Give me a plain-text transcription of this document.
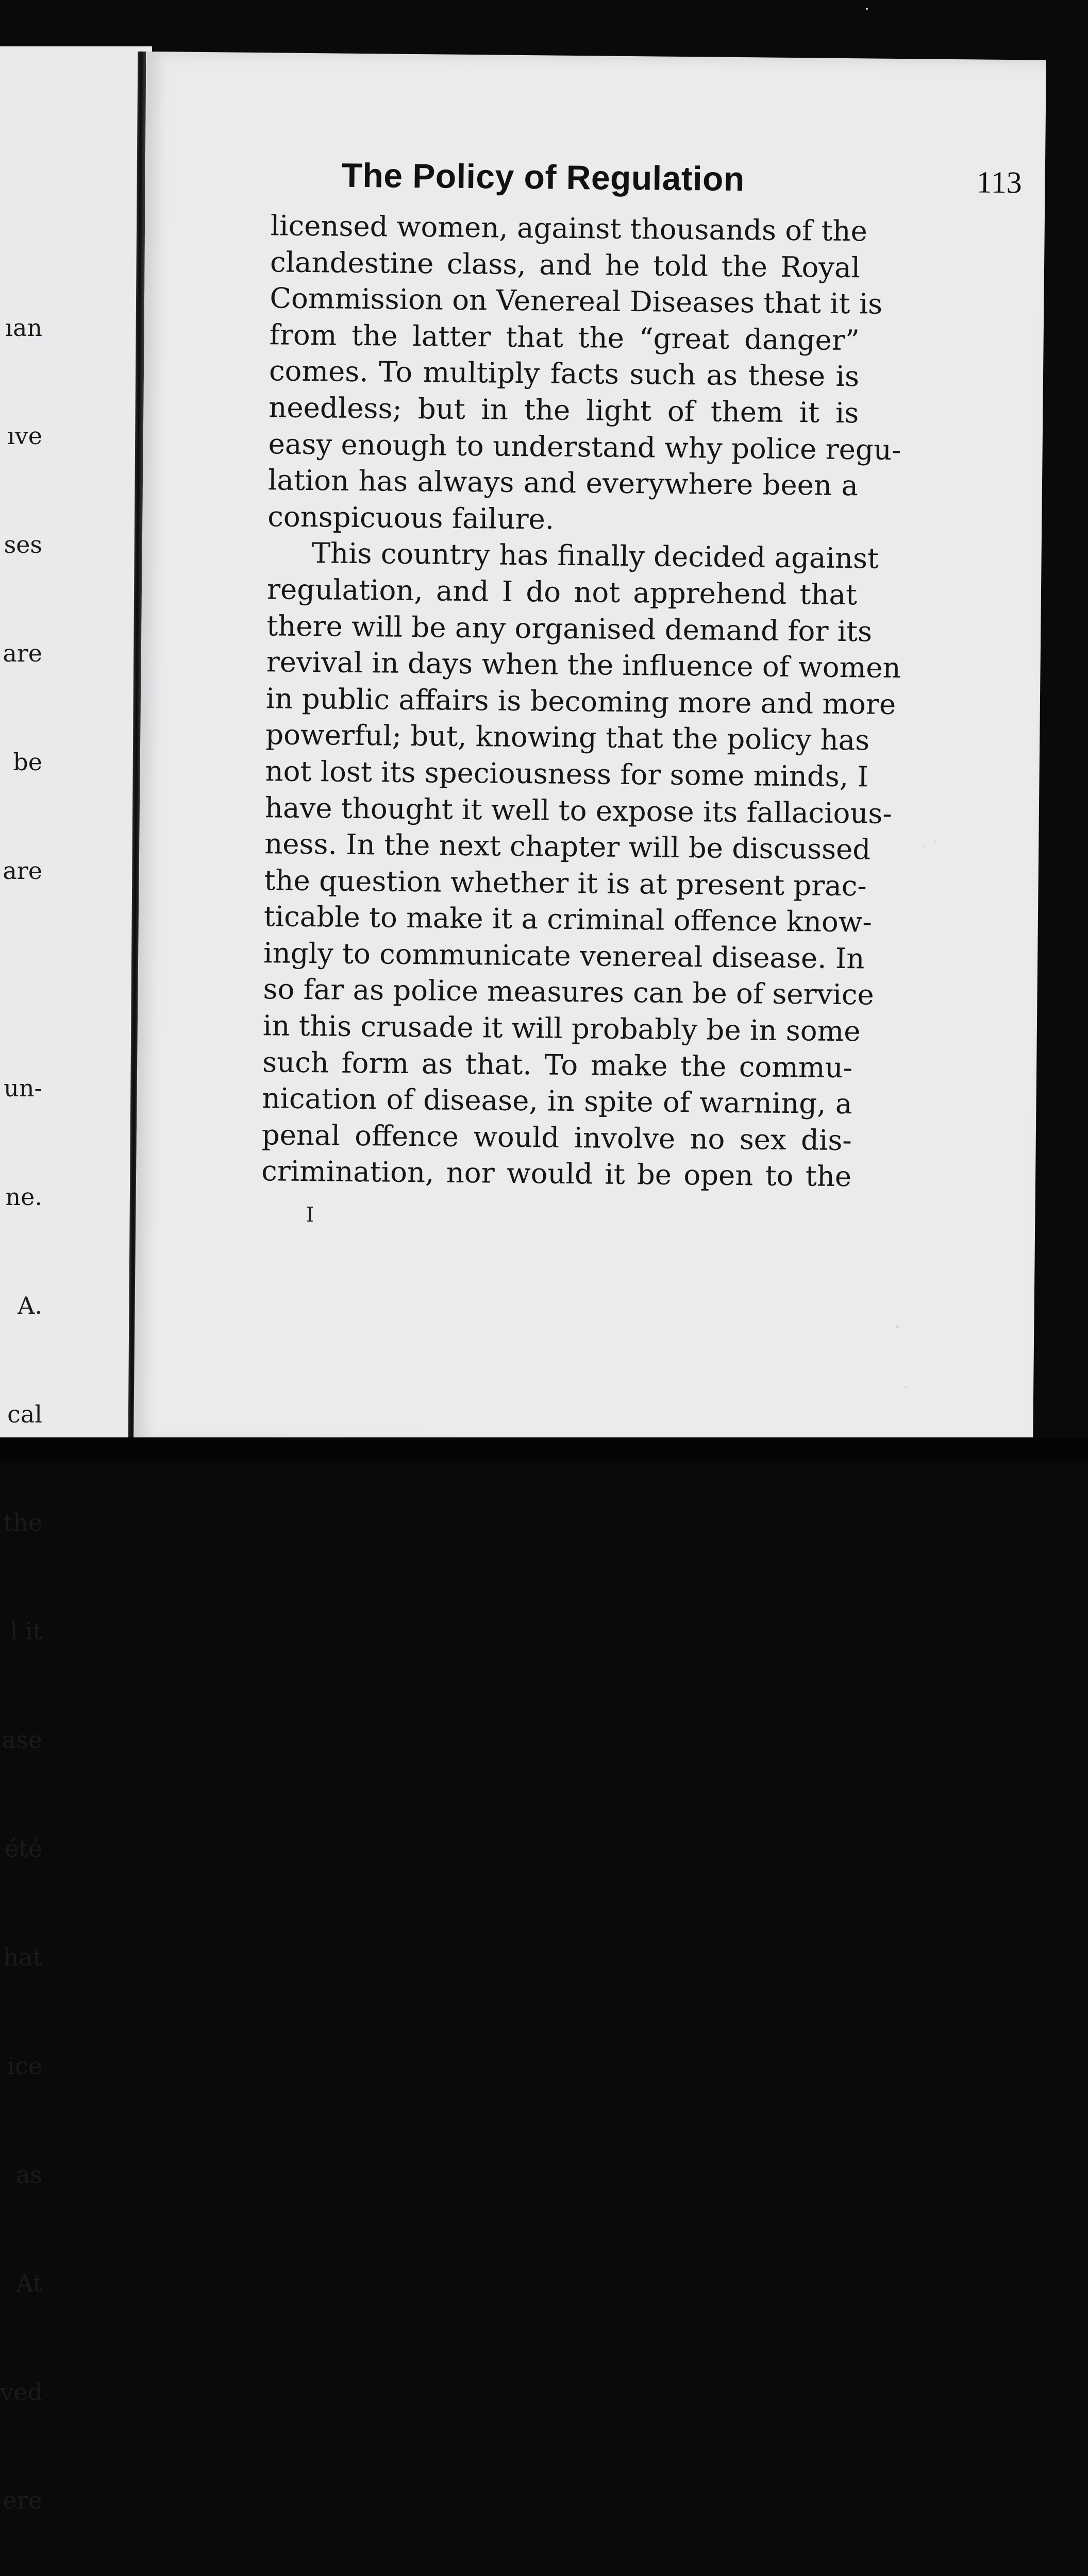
ıan

ıve

ses

are

be

are

un-

ne.

A.

cal

the

l it

ase

été

hat

ice

as

At

ved

ere

The Policy of Regulation	113
licensed women, against thousands of the
clandestine class, and he told the Royal
Commission on Venereal Diseases that it is
from the latter that the “great danger”
comes. To multiply facts such as these is
needless; but in the light of them it is
easy enough to understand why police regu-
lation has always and everywhere been a
conspicuous failure.
This country has finally decided against
regulation, and I do not apprehend that
there will be any organised demand for its
revival in days when the influence of women
in public affairs is becoming more and more
powerful; but, knowing that the policy has
not lost its speciousness for some minds, I
have thought it well to expose its fallacious-
ness. In the next chapter will be discussed
the question whether it is at present prac-
ticable to make it a criminal offence know-
ingly to communicate venereal disease. In
so far as police measures can be of service
in this crusade it will probably be in some
such form as that. To make the commu-
nication of disease, in spite of warning, a
penal offence would involve no sex dis-
crimination, nor would it be open to the
I
